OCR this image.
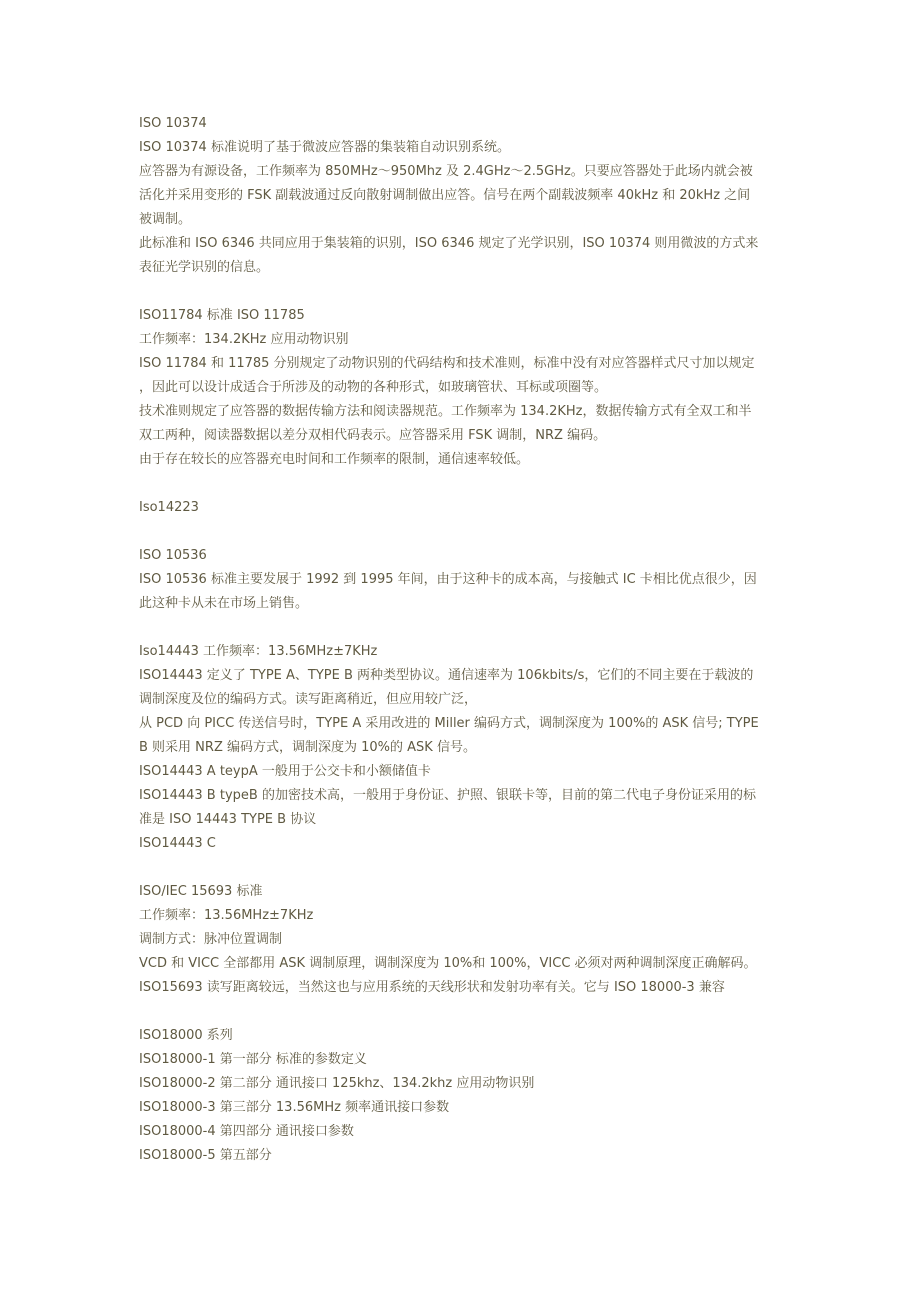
ISO 10374
ISO 10374 标准说明了基于微波应答器的集装箱自动识别系统。
应答器为有源设备，工作频率为 850MHz～950Mhz 及 2.4GHz～2.5GHz。只要应答器处于此场内就会被
活化并采用变形的 FSK 副载波通过反向散射调制做出应答。信号在两个副载波频率 40kHz 和 20kHz 之间
被调制。
此标准和 ISO 6346 共同应用于集装箱的识别，ISO 6346 规定了光学识别，ISO 10374 则用微波的方式来
表征光学识别的信息。
ISO11784 标准 ISO 11785
工作频率：134.2KHz 应用动物识别
ISO 11784 和 11785 分别规定了动物识别的代码结构和技术准则，标准中没有对应答器样式尺寸加以规定
，因此可以设计成适合于所涉及的动物的各种形式，如玻璃管状、耳标或项圈等。
技术准则规定了应答器的数据传输方法和阅读器规范。工作频率为 134.2KHz，数据传输方式有全双工和半
双工两种，阅读器数据以差分双相代码表示。应答器采用 FSK 调制，NRZ 编码。
由于存在较长的应答器充电时间和工作频率的限制，通信速率较低。
Iso14223
ISO 10536
ISO 10536 标准主要发展于 1992 到 1995 年间，由于这种卡的成本高，与接触式 IC 卡相比优点很少，因
此这种卡从未在市场上销售。
Iso14443 工作频率：13.56MHz±7KHz
ISO14443 定义了 TYPE A、TYPE B 两种类型协议。通信速率为 106kbits/s，它们的不同主要在于载波的
调制深度及位的编码方式。读写距离稍近，但应用较广泛，
从 PCD 向 PICC 传送信号时，TYPE A 采用改进的 Miller 编码方式，调制深度为 100%的 ASK 信号; TYPE
B 则采用 NRZ 编码方式，调制深度为 10%的 ASK 信号。
ISO14443 A teypA 一般用于公交卡和小额储值卡
ISO14443 B typeB 的加密技术高，一般用于身份证、护照、银联卡等，目前的第二代电子身份证采用的标
准是 ISO 14443 TYPE B 协议
ISO14443 C
ISO/IEC 15693 标准
工作频率：13.56MHz±7KHz
调制方式：脉冲位置调制
VCD 和 VICC 全部都用 ASK 调制原理，调制深度为 10%和 100%，VICC 必须对两种调制深度正确解码。
ISO15693 读写距离较远，当然这也与应用系统的天线形状和发射功率有关。它与 ISO 18000-3 兼容
ISO18000 系列
ISO18000-1 第一部分 标准的参数定义
ISO18000-2 第二部分 通讯接口 125khz、134.2khz 应用动物识别
ISO18000-3 第三部分 13.56MHz 频率通讯接口参数
ISO18000-4 第四部分 通讯接口参数
ISO18000-5 第五部分
